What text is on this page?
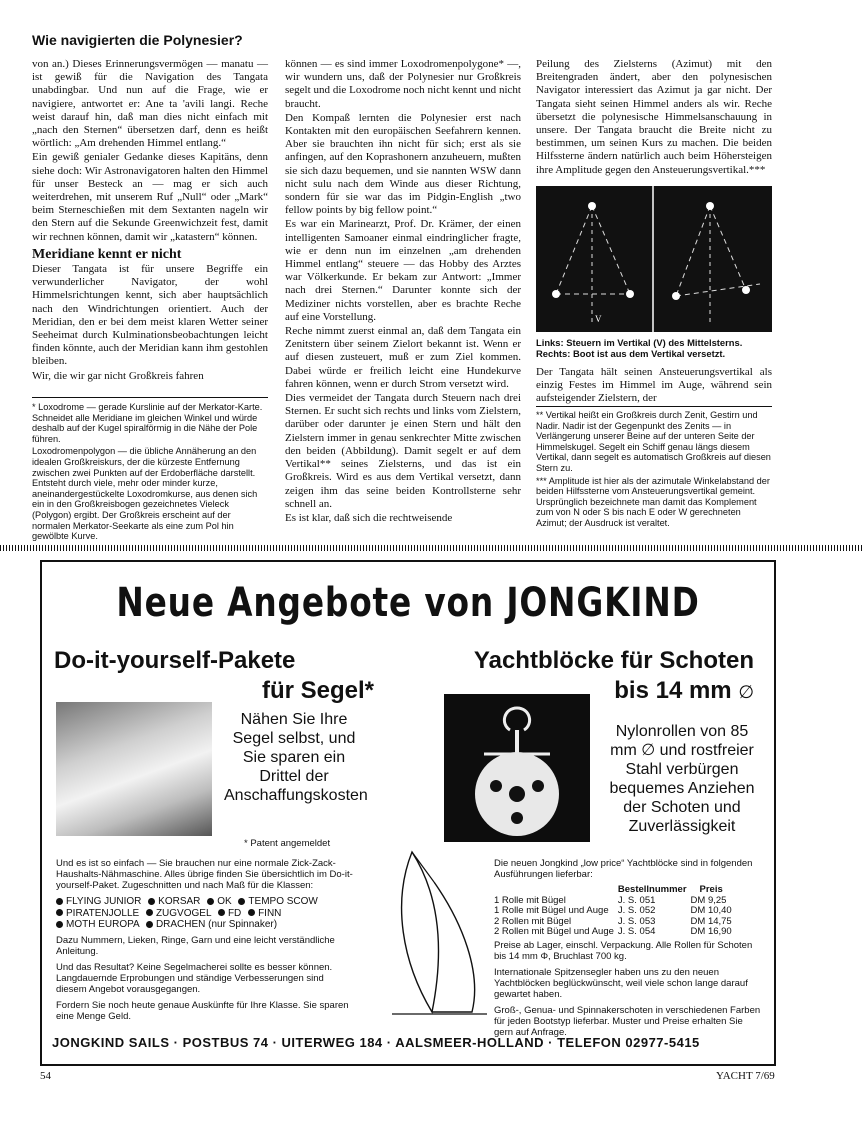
Wie navigierten die Polynesier?

von an.) Dieses Erinnerungsvermögen — manatu — ist gewiß für die Navigation des Tangata unabdingbar. Und nun auf die Frage, wie er navigiere, antwortet er: Ane ta 'avili langi. Reche weist darauf hin, daß man dies nicht einfach mit „nach den Sternen“ übersetzen darf, denn es heißt wörtlich: „Am drehenden Himmel entlang.“

Ein gewiß genialer Gedanke dieses Kapitäns, denn siehe doch: Wir Astronavigatoren halten den Himmel für unser Besteck an — mag er sich auch weiterdrehen, mit unserem Ruf „Null“ oder „Mark“ beim Sterneschießen mit dem Sextanten nageln wir den Stern auf die Sekunde Greenwichzeit fest, damit wir rechnen können, damit wir „katastern“ können.

Meridiane kennt er nicht

Dieser Tangata ist für unsere Begriffe ein verwunderlicher Navigator, der wohl Himmelsrichtungen kennt, sich aber hauptsächlich nach den Windrichtungen orientiert. Auch der Meridian, den er bei dem meist klaren Wetter seiner Seeheimat durch Kulminationsbeobachtungen leicht finden könnte, auch der Meridian kann ihm gestohlen bleiben.

Wir, die wir gar nicht Großkreis fahren

* Loxodrome — gerade Kurslinie auf der Merkator-Karte. Schneidet alle Meridiane im gleichen Winkel und würde deshalb auf der Kugel spiralförmig in die Nähe der Pole führen.

Loxodromenpolygon — die übliche Annäherung an den idealen Großkreiskurs, der die kürzeste Entfernung zwischen zwei Punkten auf der Erdoberfläche darstellt. Entsteht durch viele, mehr oder minder kurze, aneinandergestückelte Loxodromkurse, aus denen sich ein in den Großkreisbogen gezeichnetes Vieleck (Polygon) ergibt. Der Großkreis erscheint auf der normalen Merkator-Seekarte als eine zum Pol hin gewölbte Kurve.

können — es sind immer Loxodromenpolygone* —, wir wundern uns, daß der Polynesier nur Großkreis segelt und die Loxodrome noch nicht kennt und nicht braucht.

Den Kompaß lernten die Polynesier erst nach Kontakten mit den europäischen Seefahrern kennen. Aber sie brauchten ihn nicht für sich; erst als sie anfingen, auf den Koprashonern anzuheuern, mußten sie sich dazu bequemen, und sie nannten WSW dann nicht sulu nach dem Winde aus dieser Richtung, sondern für sie war das im Pidgin-English „two fellow points by big fellow point.“

Es war ein Marinearzt, Prof. Dr. Krämer, der einen intelligenten Samoaner einmal eindringlicher fragte, wie er denn nun im einzelnen „am drehenden Himmel entlang“ steuere — das Hobby des Arztes war Völkerkunde. Er bekam zur Antwort: „Immer nach drei Sternen.“ Darunter konnte sich der Mediziner nichts vorstellen, aber es brachte Reche auf eine Vorstellung.

Reche nimmt zuerst einmal an, daß dem Tangata ein Zenitstern über seinem Zielort bekannt ist. Wenn er auf diesen zusteuert, muß er zum Ziel kommen. Dabei würde er freilich leicht eine Hundekurve fahren können, wenn er durch Strom versetzt wird.

Dies vermeidet der Tangata durch Steuern nach drei Sternen. Er sucht sich rechts und links vom Zielstern, darüber oder darunter je einen Stern und hält den Zielstern immer in genau senkrechter Mitte zwischen den beiden (Abbildung). Damit segelt er auf dem Vertikal** seines Zielsterns, und das ist ein Großkreis. Wird es aus dem Vertikal versetzt, dann zeigen ihm das seine beiden Kontrollsterne sehr schnell an.

Es ist klar, daß sich die rechtweisende

Peilung des Zielsterns (Azimut) mit den Breitengraden ändert, aber den polynesischen Navigator interessiert das Azimut ja gar nicht. Der Tangata sieht seinen Himmel anders als wir. Reche übersetzt die polynesische Himmelsanschauung in unsere. Der Tangata braucht die Breite nicht zu bestimmen, um seinen Kurs zu machen. Die beiden Hilfssterne ändern natürlich auch beim Höhersteigen ihre Amplitude gegen den Ansteuerungsvertikal.***

V
Links: Steuern im Vertikal (V) des Mittelsterns. Rechts: Boot ist aus dem Vertikal versetzt.

Der Tangata hält seinen Ansteuerungsvertikal als einzig Festes im Himmel im Auge, während sein aufsteigender Zielstern, der

** Vertikal heißt ein Großkreis durch Zenit, Gestirn und Nadir. Nadir ist der Gegenpunkt des Zenits — in Verlängerung unserer Beine auf der unteren Seite der Himmelskugel. Segelt ein Schiff genau längs diesem Vertikal, dann segelt es automatisch Großkreis auf diesen Stern zu.

*** Amplitude ist hier als der azimutale Winkelabstand der beiden Hilfssterne vom Ansteuerungsvertikal gemeint. Ursprünglich bezeichnete man damit das Komplement zum von N oder S bis nach E oder W gerechneten Azimut; der Ausdruck ist veraltet.

Neue Angebote von JONGKIND
Do-it-yourself-Pakete
für Segel*
Nähen Sie Ihre Segel selbst, und Sie sparen ein Drittel der Anschaffungskosten
* Patent angemeldet

Und es ist so einfach — Sie brauchen nur eine normale Zick-Zack-Haushalts-Nähmaschine. Alles übrige finden Sie übersichtlich im Do-it-yourself-Paket. Zugeschnitten und nach Maß für die Klassen:

FLYING JUNIOR KORSAR OK TEMPO SCOW
PIRATENJOLLE ZUGVOGEL FD FINN
MOTH EUROPA DRACHEN (nur Spinnaker)

Dazu Nummern, Lieken, Ringe, Garn und eine leicht verständliche Anleitung.

Und das Resultat? Keine Segelmacherei sollte es besser können. Langdauernde Erprobungen und ständige Verbesserungen sind diesem Angebot vorausgegangen.

Fordern Sie noch heute genaue Auskünfte für Ihre Klasse. Sie sparen eine Menge Geld.

Yachtblöcke für Schoten
bis 14 mm ∅
Nylonrollen von 85 mm ∅ und rostfreier Stahl verbürgen bequemes Anziehen der Schoten und Zuverlässigkeit

Die neuen Jongkind „low price“ Yachtblöcke sind in folgenden Ausführungen lieferbar:

	Bestellnummer	Preis
1 Rolle mit Bügel	J. S. 051	DM 9,25
1 Rolle mit Bügel und Auge	J. S. 052	DM 10,40
2 Rollen mit Bügel	J. S. 053	DM 14,75
2 Rollen mit Bügel und Auge	J. S. 054	DM 16,90

Preise ab Lager, einschl. Verpackung. Alle Rollen für Schoten bis 14 mm Φ, Bruchlast 700 kg.

Internationale Spitzensegler haben uns zu den neuen Yachtblöcken beglückwünscht, weil viele schon lange darauf gewartet haben.

Groß-, Genua- und Spinnakerschoten in verschiedenen Farben für jeden Bootstyp lieferbar. Muster und Preise erhalten Sie gern auf Anfrage.

JONGKIND SAILS · POSTBUS 74 · UITERWEG 184 · AALSMEER-HOLLAND · TELEFON 02977-5415
54	YACHT 7/69
